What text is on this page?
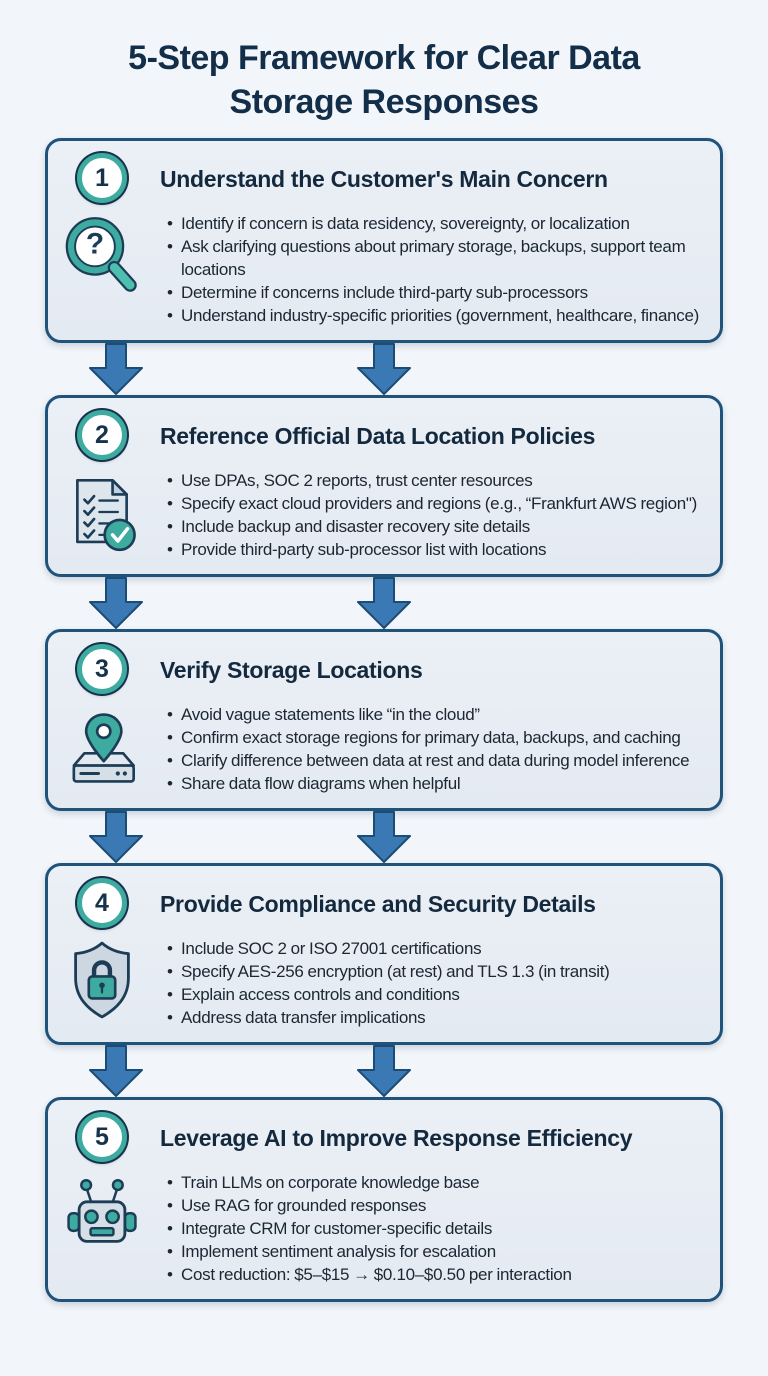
5-Step Framework for Clear Data Storage Responses
1	Understand the Customer's Main Concern
?
• Identify if concern is data residency, sovereignty, or localization
• Ask clarifying questions about primary storage, backups, support team locations
• Determine if concerns include third-party sub-processors
• Understand industry-specific priorities (government, healthcare, finance)
2	Reference Official Data Location Policies
• Use DPAs, SOC 2 reports, trust center resources
• Specify exact cloud providers and regions (e.g., “Frankfurt AWS region")
• Include backup and disaster recovery site details
• Provide third-party sub-processor list with locations
3	Verify Storage Locations
• Avoid vague statements like “in the cloud”
• Confirm exact storage regions for primary data, backups, and caching
• Clarify difference between data at rest and data during model inference
• Share data flow diagrams when helpful
4	Provide Compliance and Security Details
• Include SOC 2 or ISO 27001 certifications
• Specify AES-256 encryption (at rest) and TLS 1.3 (in transit)
• Explain access controls and conditions
• Address data transfer implications
5	Leverage AI to Improve Response Efficiency
• Train LLMs on corporate knowledge base
• Use RAG for grounded responses
• Integrate CRM for customer-specific details
• Implement sentiment analysis for escalation
• Cost reduction: $5–$15 → $0.10–$0.50 per interaction
